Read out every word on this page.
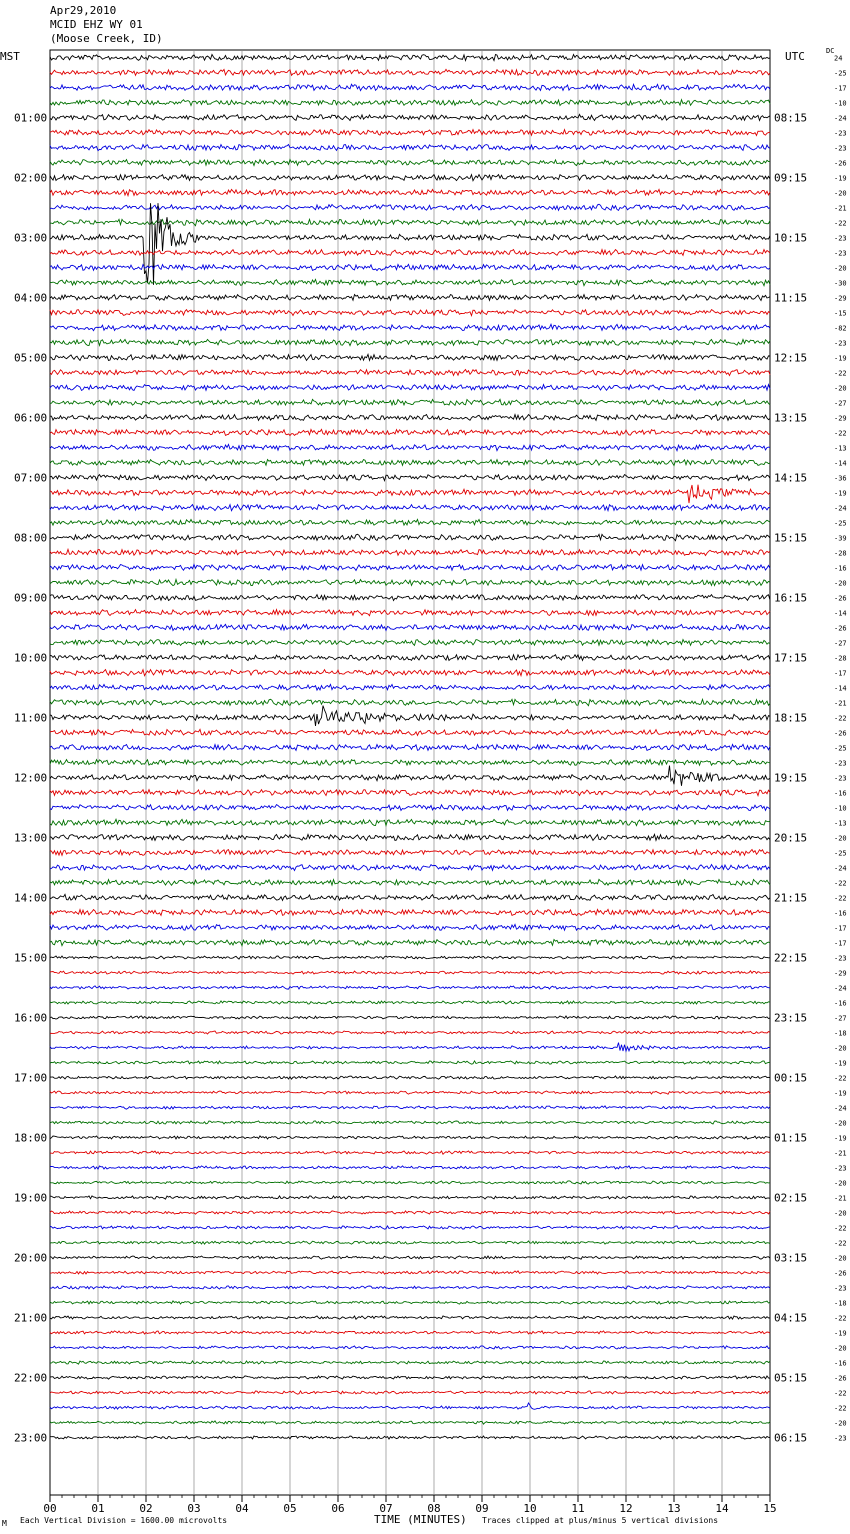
Apr29,2010
MCID EHZ WY 01
(Moose Creek, ID)
MST	UTC	DC
00	01	02	03	04	05	06	07	08	09	10	11	12	13	14	15
24
-25
-17
-10
-24
-23
-23
-26
-19
-20
-21
-22
-23
-23
-20
-30
-29
-15
-82
-23
-19
-22
-20
-27
-29
-22
-13
-14
-36
-19
-24
-25
-39
-28
-16
-20
-26
-14
-26
-27
-28
-17
-14
-21
-22
-26
-25
-23
-23
-16
-10
-13
-20
-25
-24
-22
-22
-16
-17
-17
-23
-29
-24
-16
-27
-18
-20
-19
-22
-19
-24
-20
-19
-21
-23
-20
-21
-20
-22
-22
-20
-26
-23
-18
-22
-19
-20
-16
-26
-22
-22
-20
-23
01:00	08:15
02:00	09:15
03:00	10:15
04:00	11:15
05:00	12:15
06:00	13:15
07:00	14:15
08:00	15:15
09:00	16:15
10:00	17:15
11:00	18:15
12:00	19:15
13:00	20:15
14:00	21:15
15:00	22:15
16:00	23:15
17:00	00:15
18:00	01:15
19:00	02:15
20:00	03:15
21:00	04:15
22:00	05:15
23:00	06:15
M Each Vertical Division = 1600.00 microvolts	TIME (MINUTES) Traces clipped at plus/minus 5 vertical divisions
